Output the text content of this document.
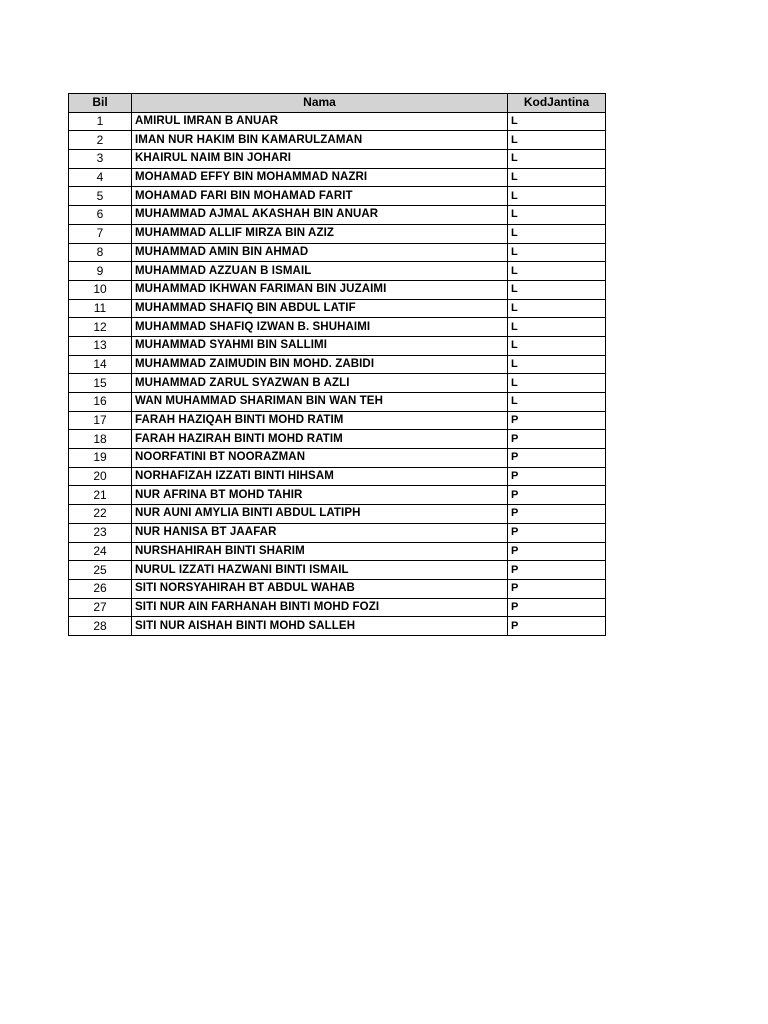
Bil	Nama	KodJantina
1	AMIRUL IMRAN B ANUAR	L
2	IMAN NUR HAKIM BIN KAMARULZAMAN	L
3	KHAIRUL NAIM BIN JOHARI	L
4	MOHAMAD EFFY BIN MOHAMMAD NAZRI	L
5	MOHAMAD FARI BIN MOHAMAD FARIT	L
6	MUHAMMAD AJMAL AKASHAH BIN ANUAR	L
7	MUHAMMAD ALLIF MIRZA BIN AZIZ	L
8	MUHAMMAD AMIN BIN AHMAD	L
9	MUHAMMAD AZZUAN B ISMAIL	L
10	MUHAMMAD IKHWAN FARIMAN BIN JUZAIMI	L
11	MUHAMMAD SHAFIQ BIN ABDUL LATIF	L
12	MUHAMMAD SHAFIQ IZWAN B. SHUHAIMI	L
13	MUHAMMAD SYAHMI BIN SALLIMI	L
14	MUHAMMAD ZAIMUDIN BIN MOHD. ZABIDI	L
15	MUHAMMAD ZARUL SYAZWAN B AZLI	L
16	WAN MUHAMMAD SHARIMAN BIN WAN TEH	L
17	FARAH HAZIQAH BINTI MOHD RATIM	P
18	FARAH HAZIRAH BINTI MOHD RATIM	P
19	NOORFATINI BT NOORAZMAN	P
20	NORHAFIZAH IZZATI BINTI HIHSAM	P
21	NUR AFRINA BT MOHD TAHIR	P
22	NUR AUNI AMYLIA BINTI ABDUL LATIPH	P
23	NUR HANISA BT JAAFAR	P
24	NURSHAHIRAH BINTI SHARIM	P
25	NURUL IZZATI HAZWANI BINTI ISMAIL	P
26	SITI NORSYAHIRAH BT ABDUL WAHAB	P
27	SITI NUR AIN FARHANAH BINTI MOHD FOZI	P
28	SITI NUR AISHAH BINTI MOHD SALLEH	P
